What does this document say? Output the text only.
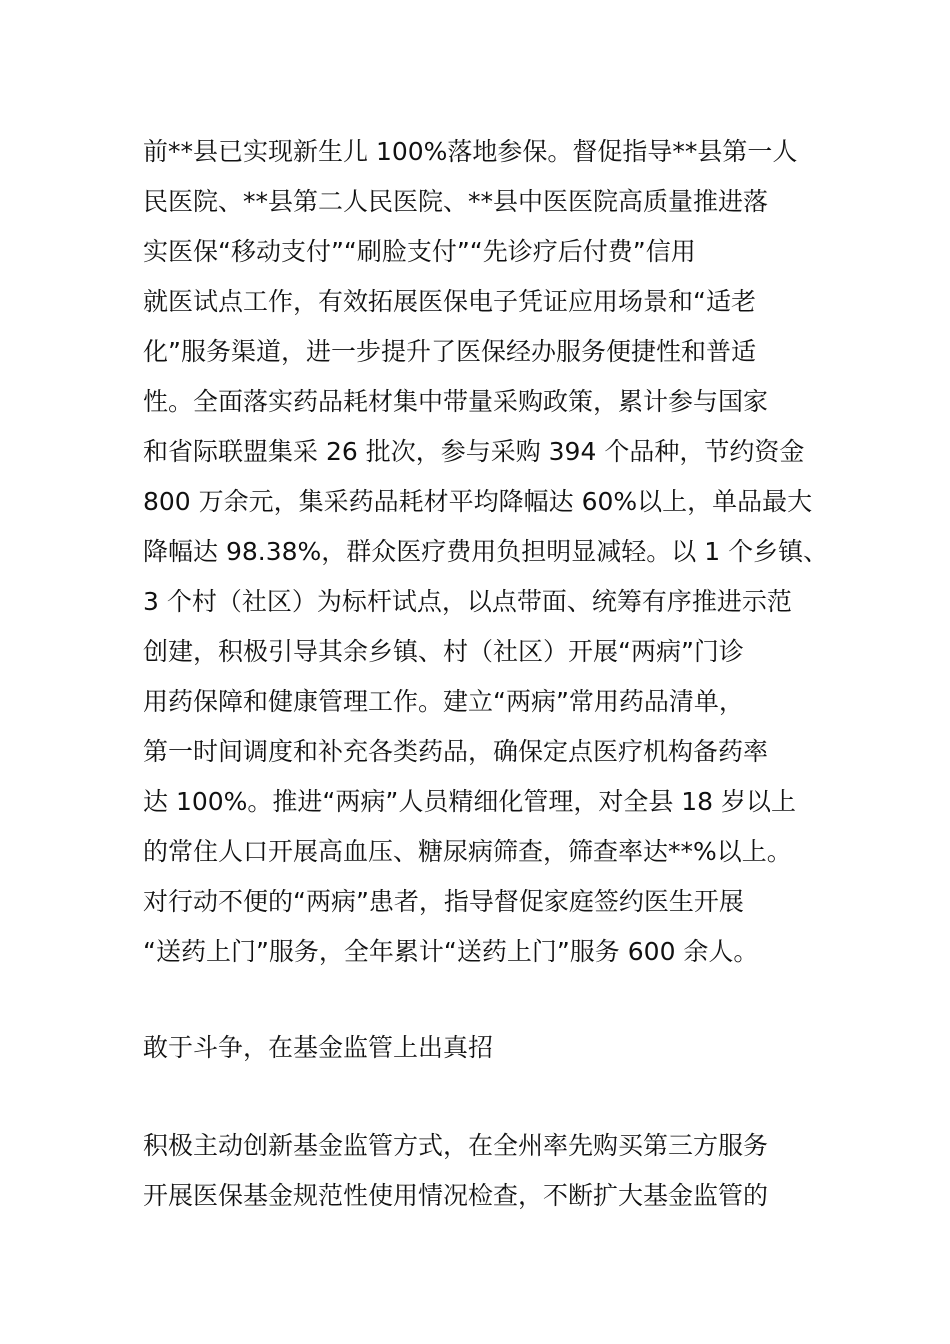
前**县已实现新生儿 100%落地参保。督促指导**县第一人
民医院、**县第二人民医院、**县中医医院高质量推进落
实医保“移动支付”“刷脸支付”“先诊疗后付费”信用
就医试点工作，有效拓展医保电子凭证应用场景和“适老
化”服务渠道，进一步提升了医保经办服务便捷性和普适
性。全面落实药品耗材集中带量采购政策，累计参与国家
和省际联盟集采 26 批次，参与采购 394 个品种，节约资金
800 万余元，集采药品耗材平均降幅达 60%以上，单品最大
降幅达 98.38%，群众医疗费用负担明显减轻。以 1 个乡镇、
3 个村（社区）为标杆试点，以点带面、统筹有序推进示范
创建，积极引导其余乡镇、村（社区）开展“两病”门诊
用药保障和健康管理工作。建立“两病”常用药品清单，
第一时间调度和补充各类药品，确保定点医疗机构备药率
达 100%。推进“两病”人员精细化管理，对全县 18 岁以上
的常住人口开展高血压、糖尿病筛查，筛查率达**%以上。
对行动不便的“两病”患者，指导督促家庭签约医生开展
“送药上门”服务，全年累计“送药上门”服务 600 余人。
敢于斗争，在基金监管上出真招
积极主动创新基金监管方式，在全州率先购买第三方服务
开展医保基金规范性使用情况检查，不断扩大基金监管的
